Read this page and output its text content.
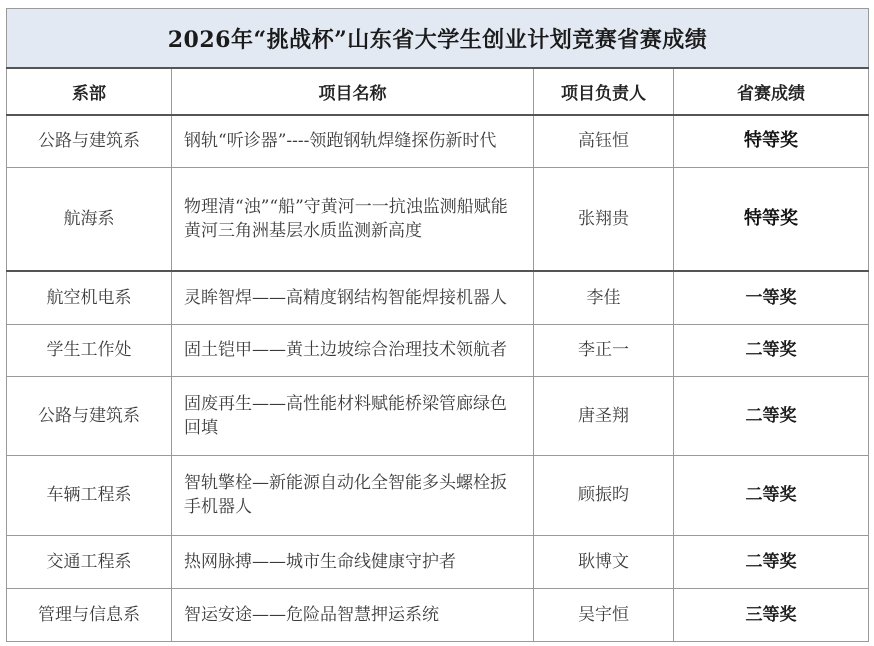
2026年“挑战杯”山东省大学生创业计划竞赛省赛成绩			
系部	项目名称	项目负责人	省赛成绩
公路与建筑系	钢轨“听诊器”----领跑钢轨焊缝探伤新时代	高钰恒	特等奖
航海系	物理清“浊”“船”守黄河一一抗浊监测船赋能黄河三角洲基层水质监测新高度	张翔贵	特等奖
航空机电系	灵眸智焊——高精度钢结构智能焊接机器人	李佳	一等奖
学生工作处	固土铠甲——黄土边坡综合治理技术领航者	李正一	二等奖
公路与建筑系	固废再生——高性能材料赋能桥梁管廊绿色回填	唐圣翔	二等奖
车辆工程系	智轨擎栓—新能源自动化全智能多头螺栓扳手机器人	顾振昀	二等奖
交通工程系	热网脉搏——城市生命线健康守护者	耿博文	二等奖
管理与信息系	智运安途——危险品智慧押运系统	吴宇恒	三等奖
